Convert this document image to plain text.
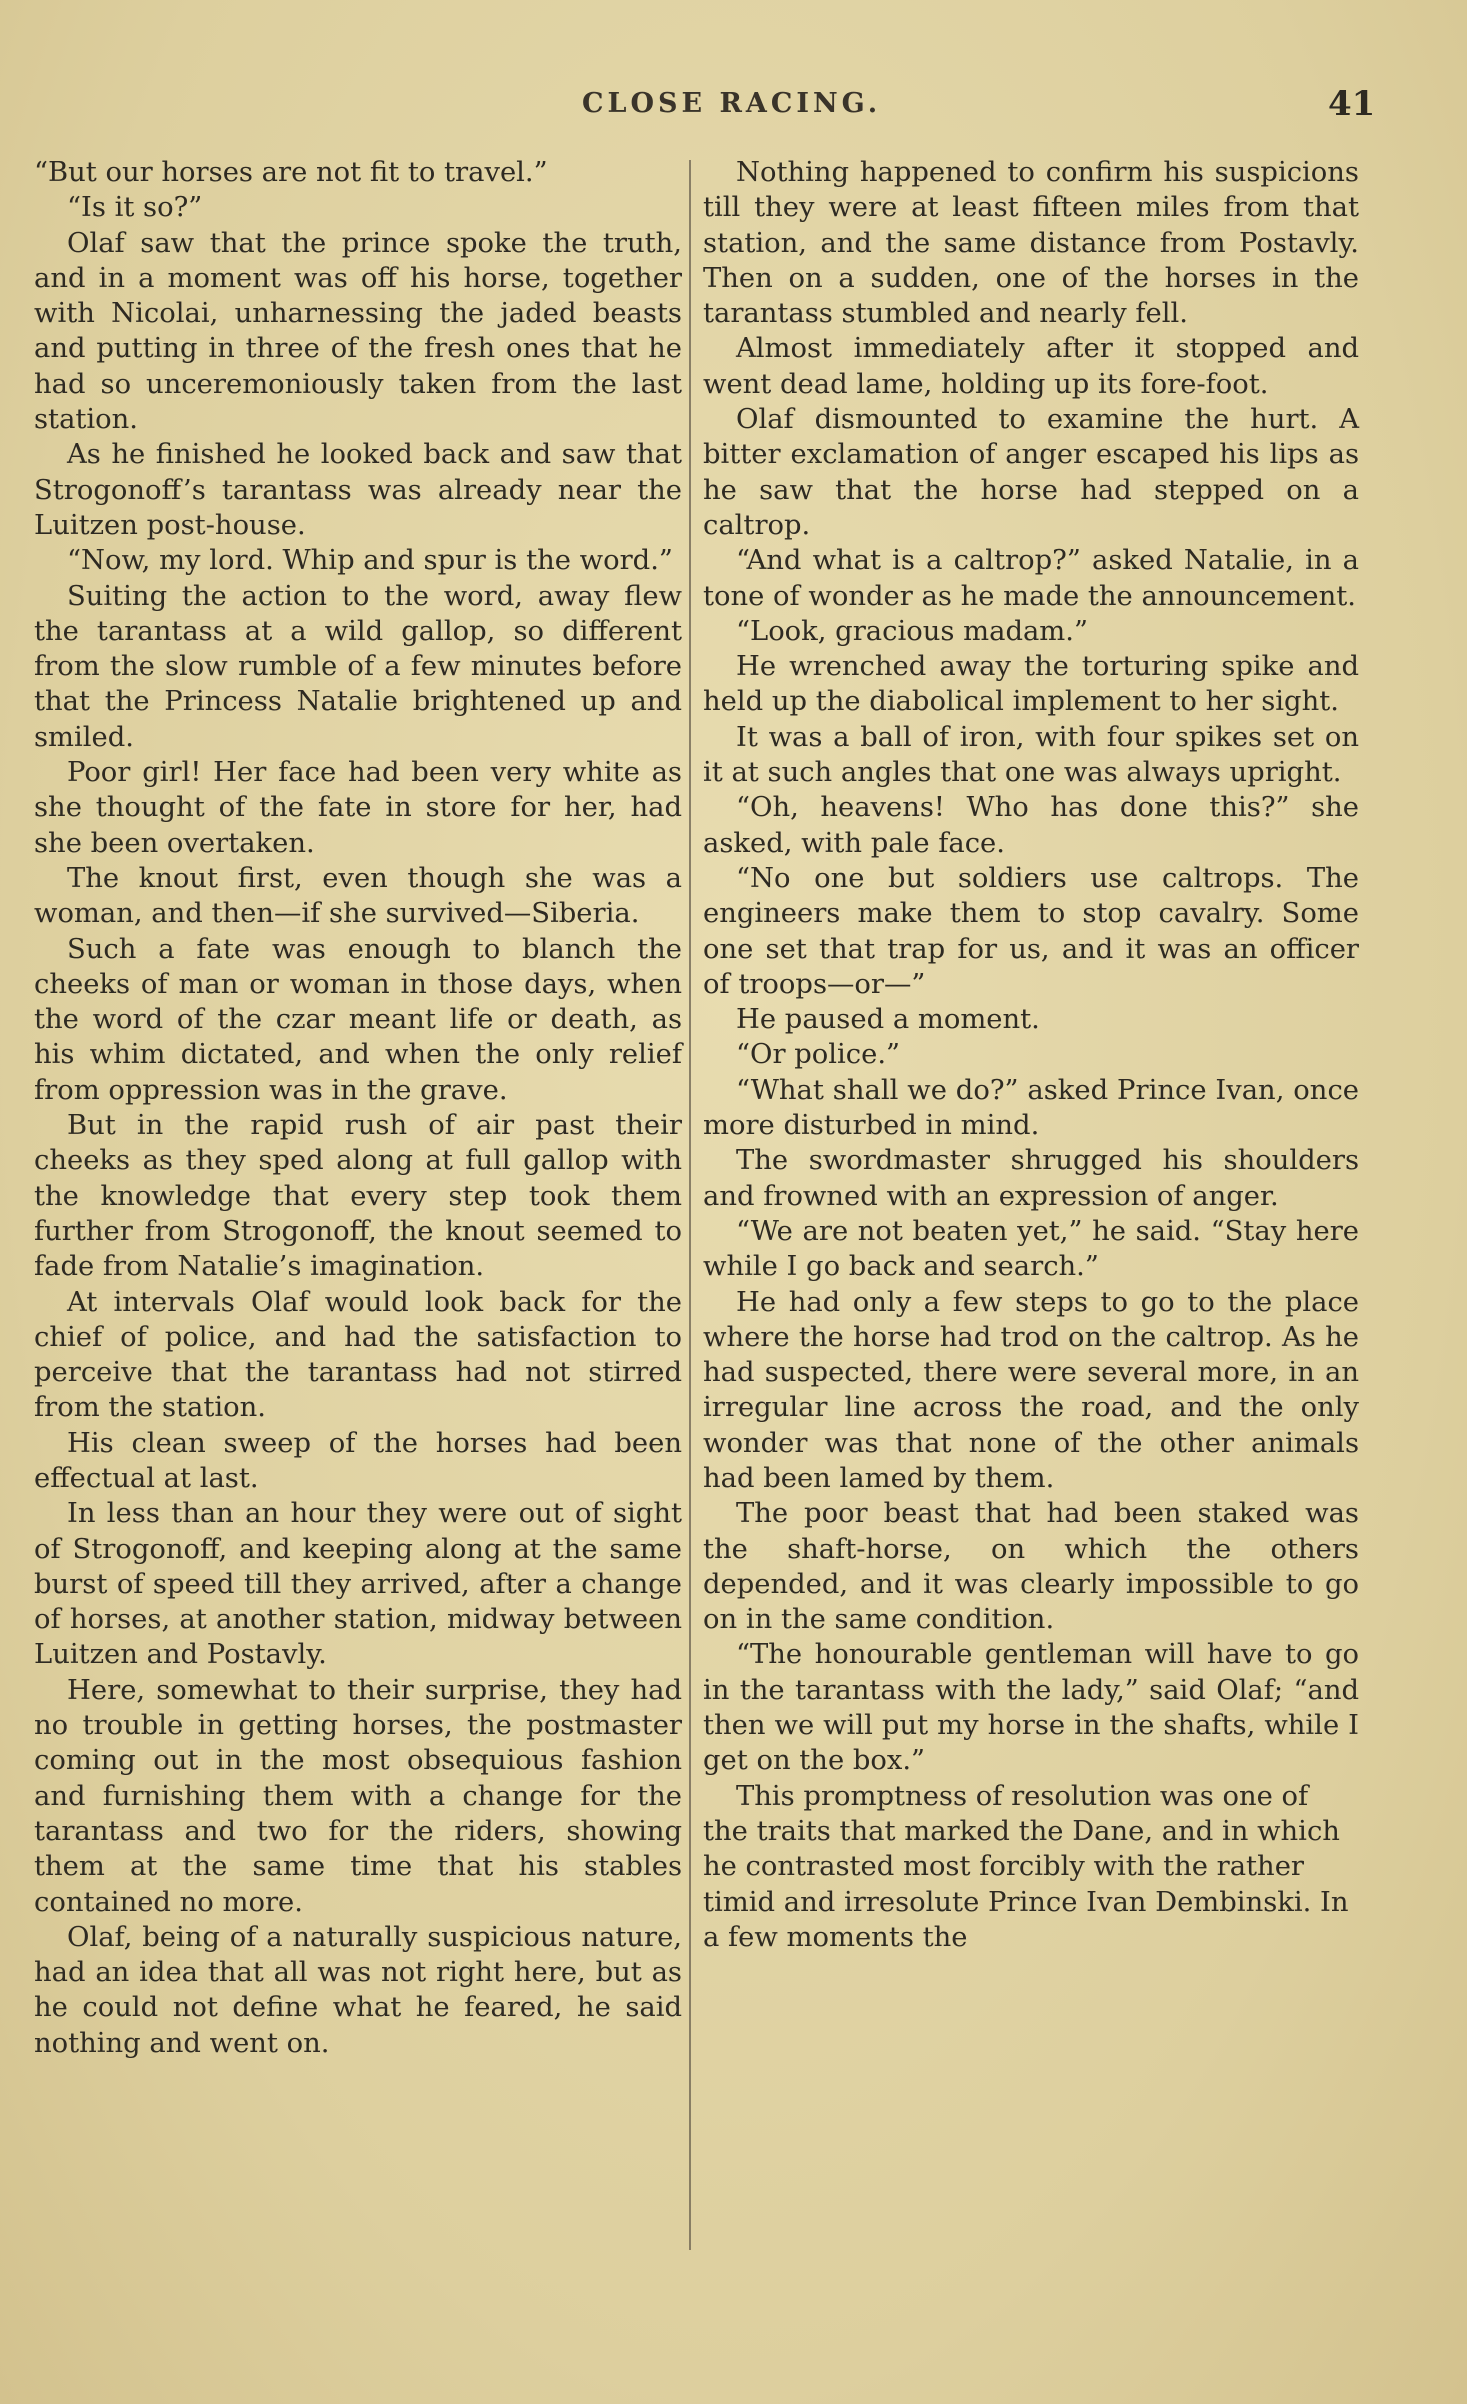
CLOSE RACING.	41

“But our horses are not fit to travel.”

“Is it so?”

Olaf saw that the prince spoke the truth, and in a moment was off his horse, together with Nicolai, unharnessing the jaded beasts and putting in three of the fresh ones that he had so unceremoniously taken from the last station.

As he finished he looked back and saw that Strogonoff’s tarantass was already near the Luitzen post-house.

“Now, my lord. Whip and spur is the word.”

Suiting the action to the word, away flew the tarantass at a wild gallop, so different from the slow rumble of a few minutes before that the Princess Natalie brightened up and smiled.

Poor girl! Her face had been very white as she thought of the fate in store for her, had she been overtaken.

The knout first, even though she was a woman, and then—if she survived—Siberia.

Such a fate was enough to blanch the cheeks of man or woman in those days, when the word of the czar meant life or death, as his whim dictated, and when the only relief from oppression was in the grave.

But in the rapid rush of air past their cheeks as they sped along at full gallop with the knowledge that every step took them further from Strogonoff, the knout seemed to fade from Natalie’s imagination.

At intervals Olaf would look back for the chief of police, and had the satisfaction to perceive that the tarantass had not stirred from the station.

His clean sweep of the horses had been effectual at last.

In less than an hour they were out of sight of Strogonoff, and keeping along at the same burst of speed till they arrived, after a change of horses, at another station, midway between Luitzen and Postavly.

Here, somewhat to their surprise, they had no trouble in getting horses, the postmaster coming out in the most obsequious fashion and furnishing them with a change for the tarantass and two for the riders, showing them at the same time that his stables contained no more.

Olaf, being of a naturally suspicious nature, had an idea that all was not right here, but as he could not define what he feared, he said nothing and went on.

Nothing happened to confirm his suspicions till they were at least fifteen miles from that station, and the same distance from Postavly. Then on a sudden, one of the horses in the tarantass stumbled and nearly fell.

Almost immediately after it stopped and went dead lame, holding up its fore-foot.

Olaf dismounted to examine the hurt. A bitter exclamation of anger escaped his lips as he saw that the horse had stepped on a caltrop.

“And what is a caltrop?” asked Natalie, in a tone of wonder as he made the announcement.

“Look, gracious madam.”

He wrenched away the torturing spike and held up the diabolical implement to her sight.

It was a ball of iron, with four spikes set on it at such angles that one was always upright.

“Oh, heavens! Who has done this?” she asked, with pale face.

“No one but soldiers use caltrops. The engineers make them to stop cavalry. Some one set that trap for us, and it was an officer of troops—or—”

He paused a moment.

“Or police.”

“What shall we do?” asked Prince Ivan, once more disturbed in mind.

The swordmaster shrugged his shoulders and frowned with an expression of anger.

“We are not beaten yet,” he said. “Stay here while I go back and search.”

He had only a few steps to go to the place where the horse had trod on the caltrop. As he had suspected, there were several more, in an irregular line across the road, and the only wonder was that none of the other animals had been lamed by them.

The poor beast that had been staked was the shaft-horse, on which the others depended, and it was clearly impossible to go on in the same condition.

“The honourable gentleman will have to go in the tarantass with the lady,” said Olaf; “and then we will put my horse in the shafts, while I get on the box.”

This promptness of resolution was one of the traits that marked the Dane, and in which he contrasted most forcibly with the rather timid and irresolute Prince Ivan Dembinski. In a few moments the
